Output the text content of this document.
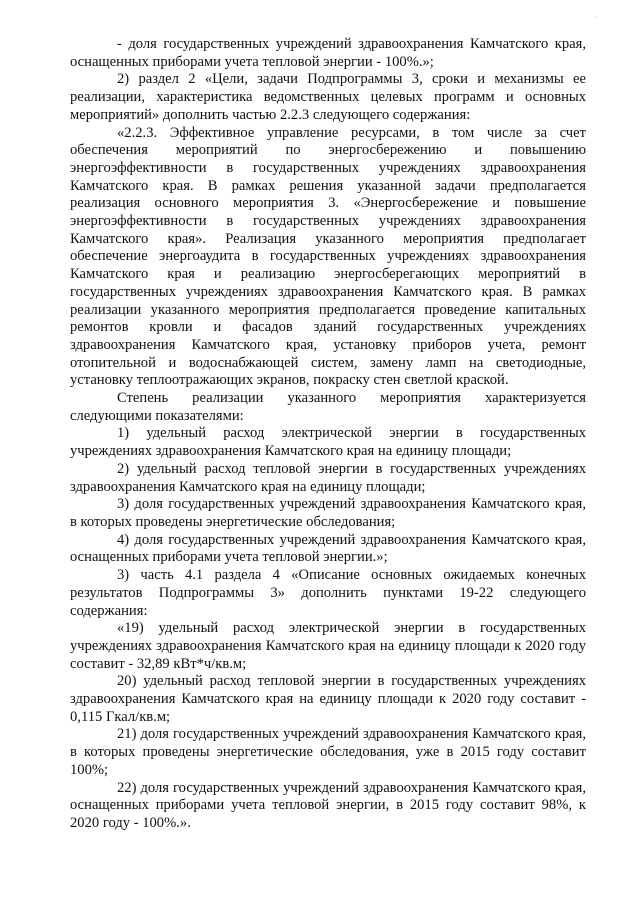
·

- доля государственных учреждений здравоохранения Камчатского края, оснащенных приборами учета тепловой энергии - 100%.»;

2) раздел 2 «Цели, задачи Подпрограммы 3, сроки и механизмы ее реализации, характеристика ведомственных целевых программ и основных мероприятий» дополнить частью 2.2.3 следующего содержания:

«2.2.3. Эффективное управление ресурсами, в том числе за счет обеспечения мероприятий по энергосбережению и повышению энергоэффективности в государственных учреждениях здравоохранения Камчатского края. В рамках решения указанной задачи предполагается реализация основного мероприятия 3. «Энергосбережение и повышение энергоэффективности в государственных учреждениях здравоохранения Камчатского края». Реализация указанного мероприятия предполагает обеспечение энергоаудита в государственных учреждениях здравоохранения Камчатского края и реализацию энергосберегающих мероприятий в государственных учреждениях здравоохранения Камчатского края. В рамках реализации указанного мероприятия предполагается проведение капитальных ремонтов кровли и фасадов зданий государственных учреждениях здравоохранения Камчатского края, установку приборов учета, ремонт отопительной и водоснабжающей систем, замену ламп на светодиодные, установку теплоотражающих экранов, покраску стен светлой краской.

Степень реализации указанного мероприятия характеризуется следующими показателями:

1) удельный расход электрической энергии в государственных учреждениях здравоохранения Камчатского края на единицу площади;

2) удельный расход тепловой энергии в государственных учреждениях здравоохранения Камчатского края на единицу площади;

3) доля государственных учреждений здравоохранения Камчатского края, в которых проведены энергетические обследования;

4) доля государственных учреждений здравоохранения Камчатского края, оснащенных приборами учета тепловой энергии.»;

3) часть 4.1 раздела 4 «Описание основных ожидаемых конечных результатов Подпрограммы 3» дополнить пунктами 19-22 следующего содержания:

«19) удельный расход электрической энергии в государственных учреждениях здравоохранения Камчатского края на единицу площади к 2020 году составит - 32,89 кВт*ч/кв.м;

20) удельный расход тепловой энергии в государственных учреждениях здравоохранения Камчатского края на единицу площади к 2020 году составит - 0,115 Гкал/кв.м;

21) доля государственных учреждений здравоохранения Камчатского края, в которых проведены энергетические обследования, уже в 2015 году составит 100%;

22) доля государственных учреждений здравоохранения Камчатского края, оснащенных приборами учета тепловой энергии, в 2015 году составит 98%, к 2020 году - 100%.».
